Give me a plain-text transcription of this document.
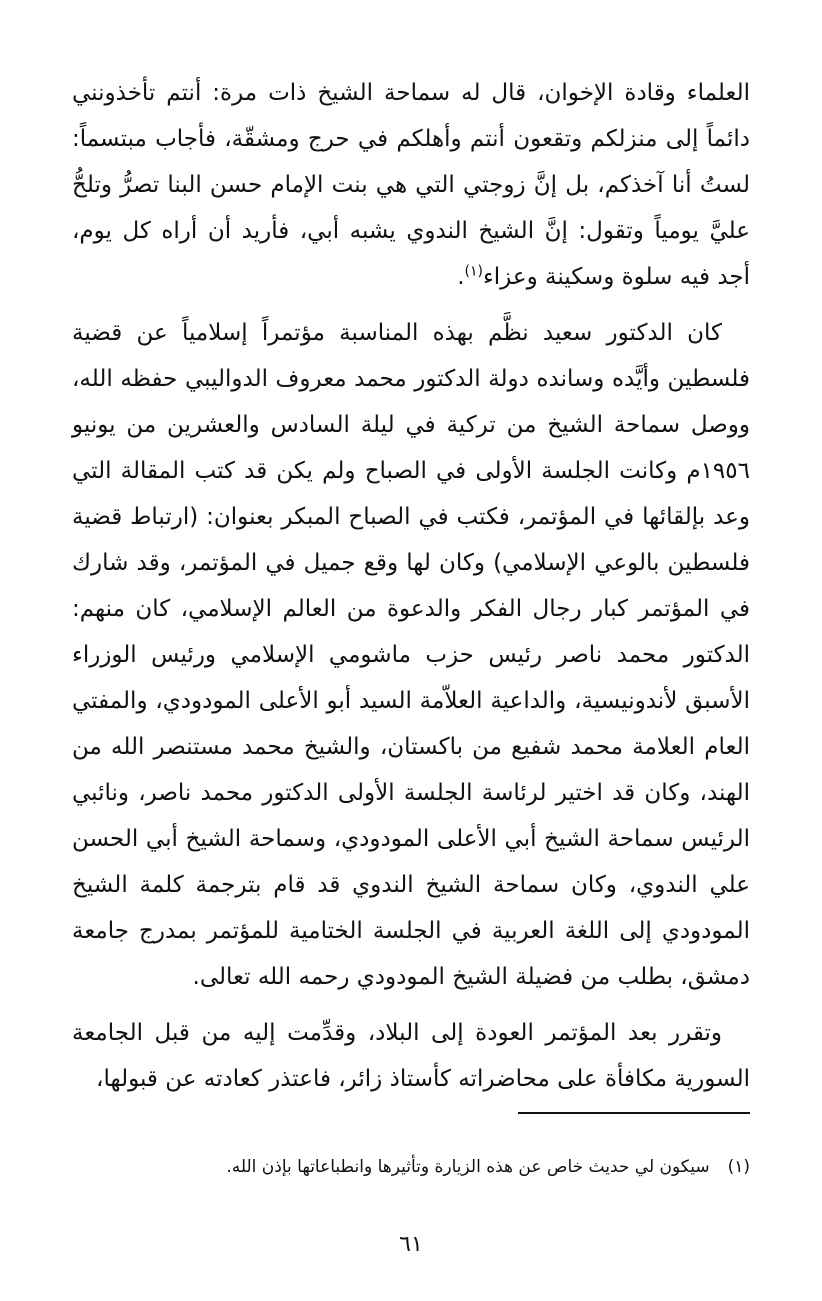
العلماء وقادة الإخوان، قال له سماحة الشيخ ذات مرة: أنتم تأخذونني دائماً إلى منزلكم وتقعون أنتم وأهلكم في حرج ومشقّة، فأجاب مبتسماً: لستُ أنا آخذكم، بل إنَّ زوجتي التي هي بنت الإمام حسن البنا تصرُّ وتلحُّ عليَّ يومياً وتقول: إنَّ الشيخ الندوي يشبه أبي، فأريد أن أراه كل يوم، أجد فيه سلوة وسكينة وعزاء$^{(١)}$.

كان الدكتور سعيد نظَّم بهذه المناسبة مؤتمراً إسلامياً عن قضية فلسطين وأيَّده وسانده دولة الدكتور محمد معروف الدواليبي حفظه الله، ووصل سماحة الشيخ من تركية في ليلة السادس والعشرين من يونيو ١٩٥٦م وكانت الجلسة الأولى في الصباح ولم يكن قد كتب المقالة التي وعد بإلقائها في المؤتمر، فكتب في الصباح المبكر بعنوان: (ارتباط قضية فلسطين بالوعي الإسلامي) وكان لها وقع جميل في المؤتمر، وقد شارك في المؤتمر كبار رجال الفكر والدعوة من العالم الإسلامي، كان منهم: الدكتور محمد ناصر رئيس حزب ماشومي الإسلامي ورئيس الوزراء الأسبق لأندونيسية، والداعية العلاّمة السيد أبو الأعلى المودودي، والمفتي العام العلامة محمد شفيع من باكستان، والشيخ محمد مستنصر الله من الهند، وكان قد اختير لرئاسة الجلسة الأولى الدكتور محمد ناصر، ونائبي الرئيس سماحة الشيخ أبي الأعلى المودودي، وسماحة الشيخ أبي الحسن علي الندوي، وكان سماحة الشيخ الندوي قد قام بترجمة كلمة الشيخ المودودي إلى اللغة العربية في الجلسة الختامية للمؤتمر بمدرج جامعة دمشق، بطلب من فضيلة الشيخ المودودي رحمه الله تعالى.

وتقرر بعد المؤتمر العودة إلى البلاد، وقدِّمت إليه من قبل الجامعة السورية مكافأة على محاضراته كأستاذ زائر، فاعتذر كعادته عن قبولها،

(١)سيكون لي حديث خاص عن هذه الزيارة وتأثيرها وانطباعاتها بإذن الله.

٦١
